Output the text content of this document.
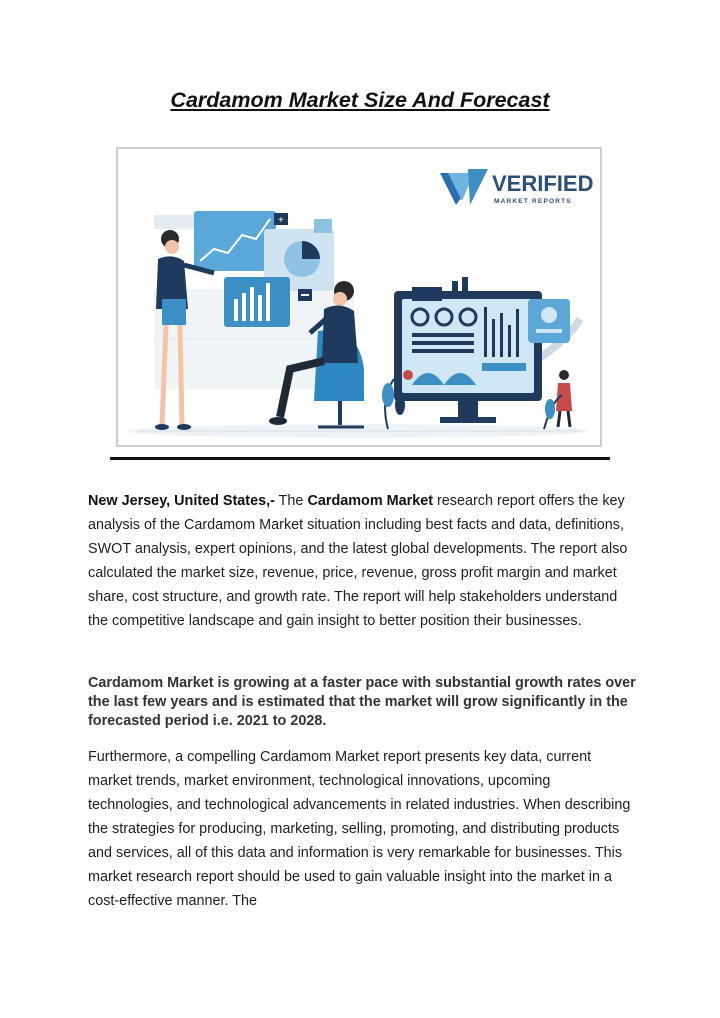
Cardamom Market Size And Forecast
VERIFIED
MARKET REPORTS
+
New Jersey, United States,- The Cardamom Market research report offers the key analysis of the Cardamom Market situation including best facts and data, definitions, SWOT analysis, expert opinions, and the latest global developments. The report also calculated the market size, revenue, price, revenue, gross profit margin and market share, cost structure, and growth rate. The report will help stakeholders understand the competitive landscape and gain insight to better position their businesses.
Cardamom Market is growing at a faster pace with substantial growth rates over the last few years and is estimated that the market will grow significantly in the forecasted period i.e. 2021 to 2028.
Furthermore, a compelling Cardamom Market report presents key data, current market trends, market environment, technological innovations, upcoming technologies, and technological advancements in related industries. When describing the strategies for producing, marketing, selling, promoting, and distributing products and services, all of this data and information is very remarkable for businesses. This market research report should be used to gain valuable insight into the market in a cost-effective manner. The
